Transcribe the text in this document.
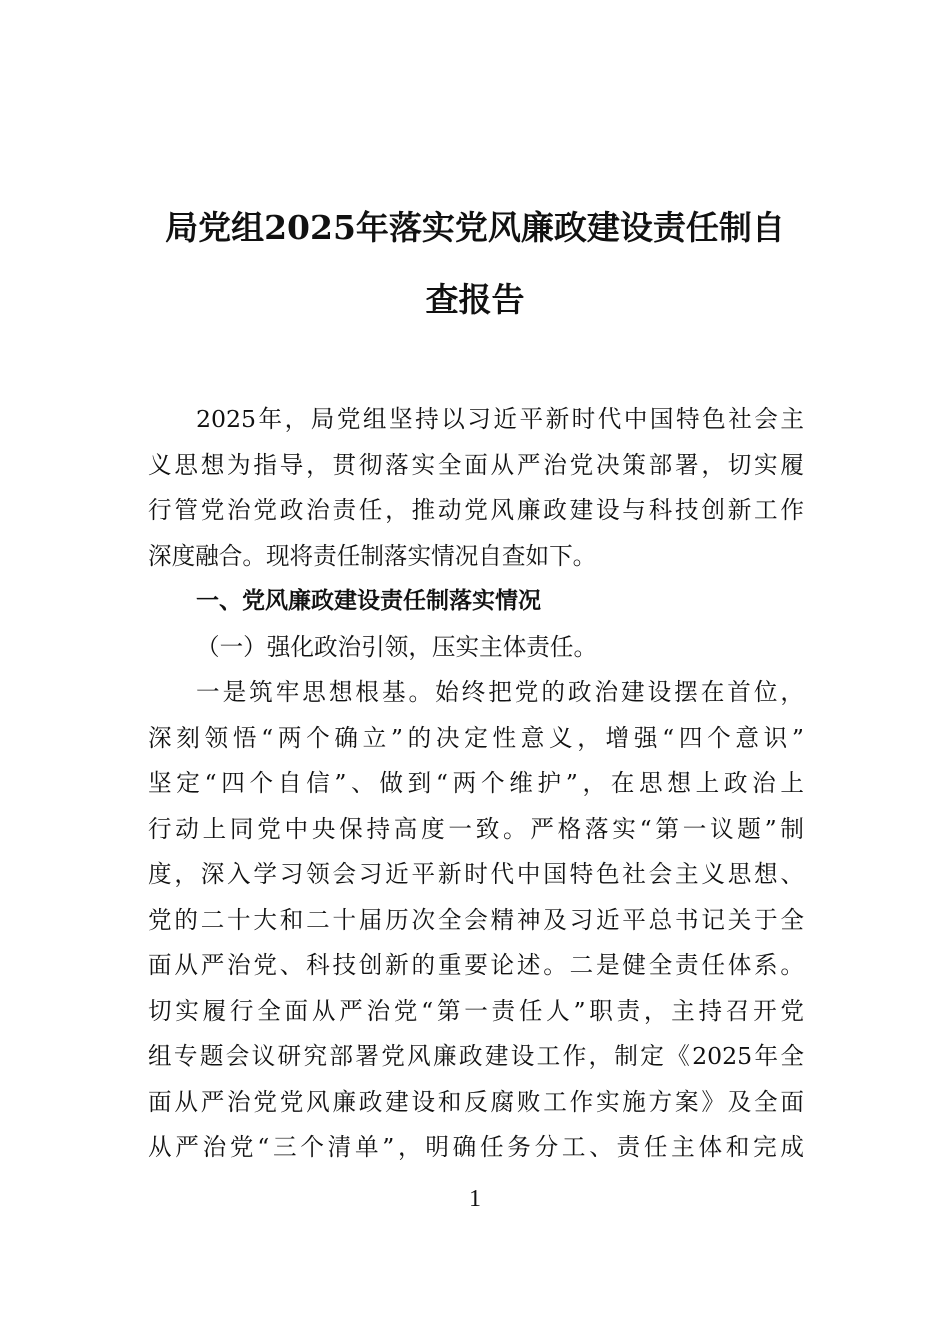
局党组2025年落实党风廉政建设责任制自
查报告
2025年，局党组坚持以习近平新时代中国特色社会主
义思想为指导，贯彻落实全面从严治党决策部署，切实履
行管党治党政治责任，推动党风廉政建设与科技创新工作
深度融合。现将责任制落实情况自查如下。
一、党风廉政建设责任制落实情况
（一）强化政治引领，压实主体责任。
一是筑牢思想根基。始终把党的政治建设摆在首位，
深刻领悟“两个确立”的决定性意义，增强“四个意识”
坚定“四个自信”、做到“两个维护”，在思想上政治上
行动上同党中央保持高度一致。严格落实“第一议题”制
度，深入学习领会习近平新时代中国特色社会主义思想、
党的二十大和二十届历次全会精神及习近平总书记关于全
面从严治党、科技创新的重要论述。二是健全责任体系。
切实履行全面从严治党“第一责任人”职责，主持召开党
组专题会议研究部署党风廉政建设工作，制定《2025年全
面从严治党党风廉政建设和反腐败工作实施方案》及全面
从严治党“三个清单”，明确任务分工、责任主体和完成
1
